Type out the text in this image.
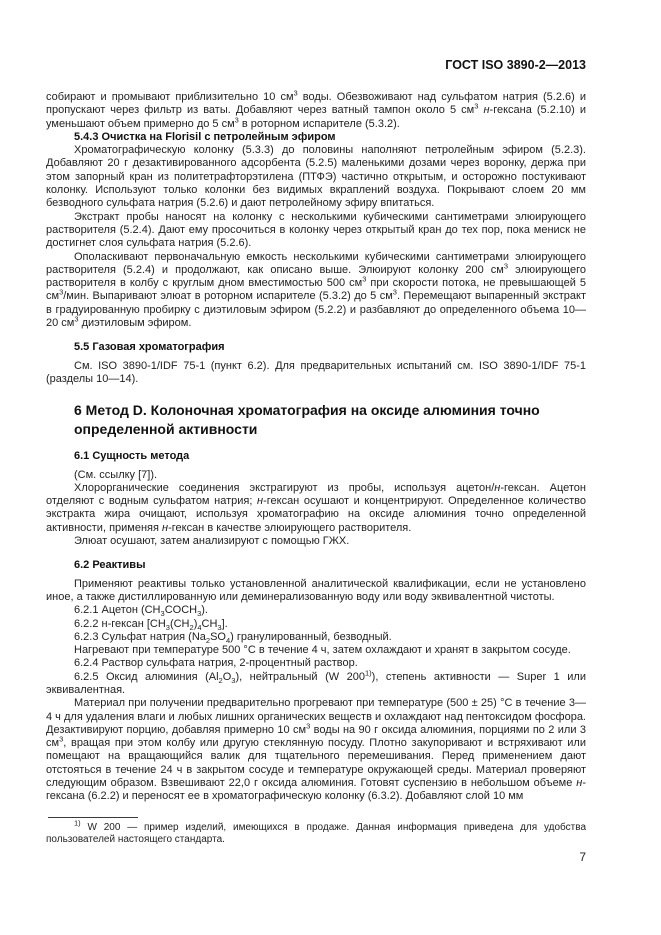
ГОСТ ISO 3890-2—2013

собирают и промывают приблизительно 10 $см^3$ воды. Обезвоживают над сульфатом натрия (5.2.6) и пропускают через фильтр из ваты. Добавляют через ватный тампон около 5 $см^3$ н-гексана (5.2.10) и уменьшают объем примерно до 5 $см^3$ в роторном испарителе (5.3.2).

5.4.3 Очистка на Florisil с петролейным эфиром

Хроматографическую колонку (5.3.3) до половины наполняют петролейным эфиром (5.2.3). Добавляют 20 г дезактивированного адсорбента (5.2.5) маленькими дозами через воронку, держа при этом запорный кран из политетрафторэтилена (ПТФЭ) частично открытым, и осторожно постукивают колонку. Используют только колонки без видимых вкраплений воздуха. Покрывают слоем 20 мм безводного сульфата натрия (5.2.6) и дают петролейному эфиру впитаться.

Экстракт пробы наносят на колонку с несколькими кубическими сантиметрами элюирующего растворителя (5.2.4). Дают ему просочиться в колонку через открытый кран до тех пор, пока мениск не достигнет слоя сульфата натрия (5.2.6).

Ополаскивают первоначальную емкость несколькими кубическими сантиметрами элюирующего растворителя (5.2.4) и продолжают, как описано выше. Элюируют колонку 200 $см^3$ элюирующего растворителя в колбу с круглым дном вместимостью 500 $см^3$ при скорости потока, не превышающей 5 $см^3$/мин. Выпаривают элюат в роторном испарителе (5.3.2) до 5 $см^3$. Перемещают выпаренный экстракт в градуированную пробирку с диэтиловым эфиром (5.2.2) и разбавляют до определенного объема 10—20 $см^3$ диэтиловым эфиром.

5.5 Газовая хроматография

См. ISO 3890-1/IDF 75-1 (пункт 6.2). Для предварительных испытаний см. ISO 3890-1/IDF 75-1 (разделы 10—14).

6 Метод D. Колоночная хроматография на оксиде алюминия точно определенной активности

6.1 Сущность метода

(См. ссылку [7]).

Хлорорганические соединения экстрагируют из пробы, используя ацетон/н-гексан. Ацетон отделяют с водным сульфатом натрия; н-гексан осушают и концентрируют. Определенное количество экстракта жира очищают, используя хроматографию на оксиде алюминия точно определенной активности, применяя н-гексан в качестве элюирующего растворителя.

Элюат осушают, затем анализируют с помощью ГЖХ.

6.2 Реактивы

Применяют реактивы только установленной аналитической квалификации, если не установлено иное, а также дистиллированную или деминерализованную воду или воду эквивалентной чистоты.

6.2.1 Ацетон $(CH_3COCH_3)$.

6.2.2 н-гексан $[CH_3(CH_2)_4CH_3]$.

6.2.3 Сульфат натрия $(Na_2SO_4)$ гранулированный, безводный.

Нагревают при температуре 500 °С в течение 4 ч, затем охлаждают и хранят в закрытом сосуде.

6.2.4 Раствор сульфата натрия, 2-процентный раствор.

6.2.5 Оксид алюминия $(Al_2O_3)$, нейтральный (W 200$^{1)}$), степень активности — Super 1 или эквивалентная.

Материал при получении предварительно прогревают при температуре (500 ± 25) °С в течение 3—4 ч для удаления влаги и любых лишних органических веществ и охлаждают над пентоксидом фосфора. Дезактивируют порцию, добавляя примерно 10 $см^3$ воды на 90 г оксида алюминия, порциями по 2 или 3 $см^3$, вращая при этом колбу или другую стеклянную посуду. Плотно закупоривают и встряхивают или помещают на вращающийся валик для тщательного перемешивания. Перед применением дают отстояться в течение 24 ч в закрытом сосуде и температуре окружающей среды. Материал проверяют следующим образом. Взвешивают 22,0 г оксида алюминия. Готовят суспензию в небольшом объеме н-гексана (6.2.2) и переносят ее в хроматографическую колонку (6.3.2). Добавляют слой 10 мм

$^{1)}$ W 200 — пример изделий, имеющихся в продаже. Данная информация приведена для удобства пользователей настоящего стандарта.

7
